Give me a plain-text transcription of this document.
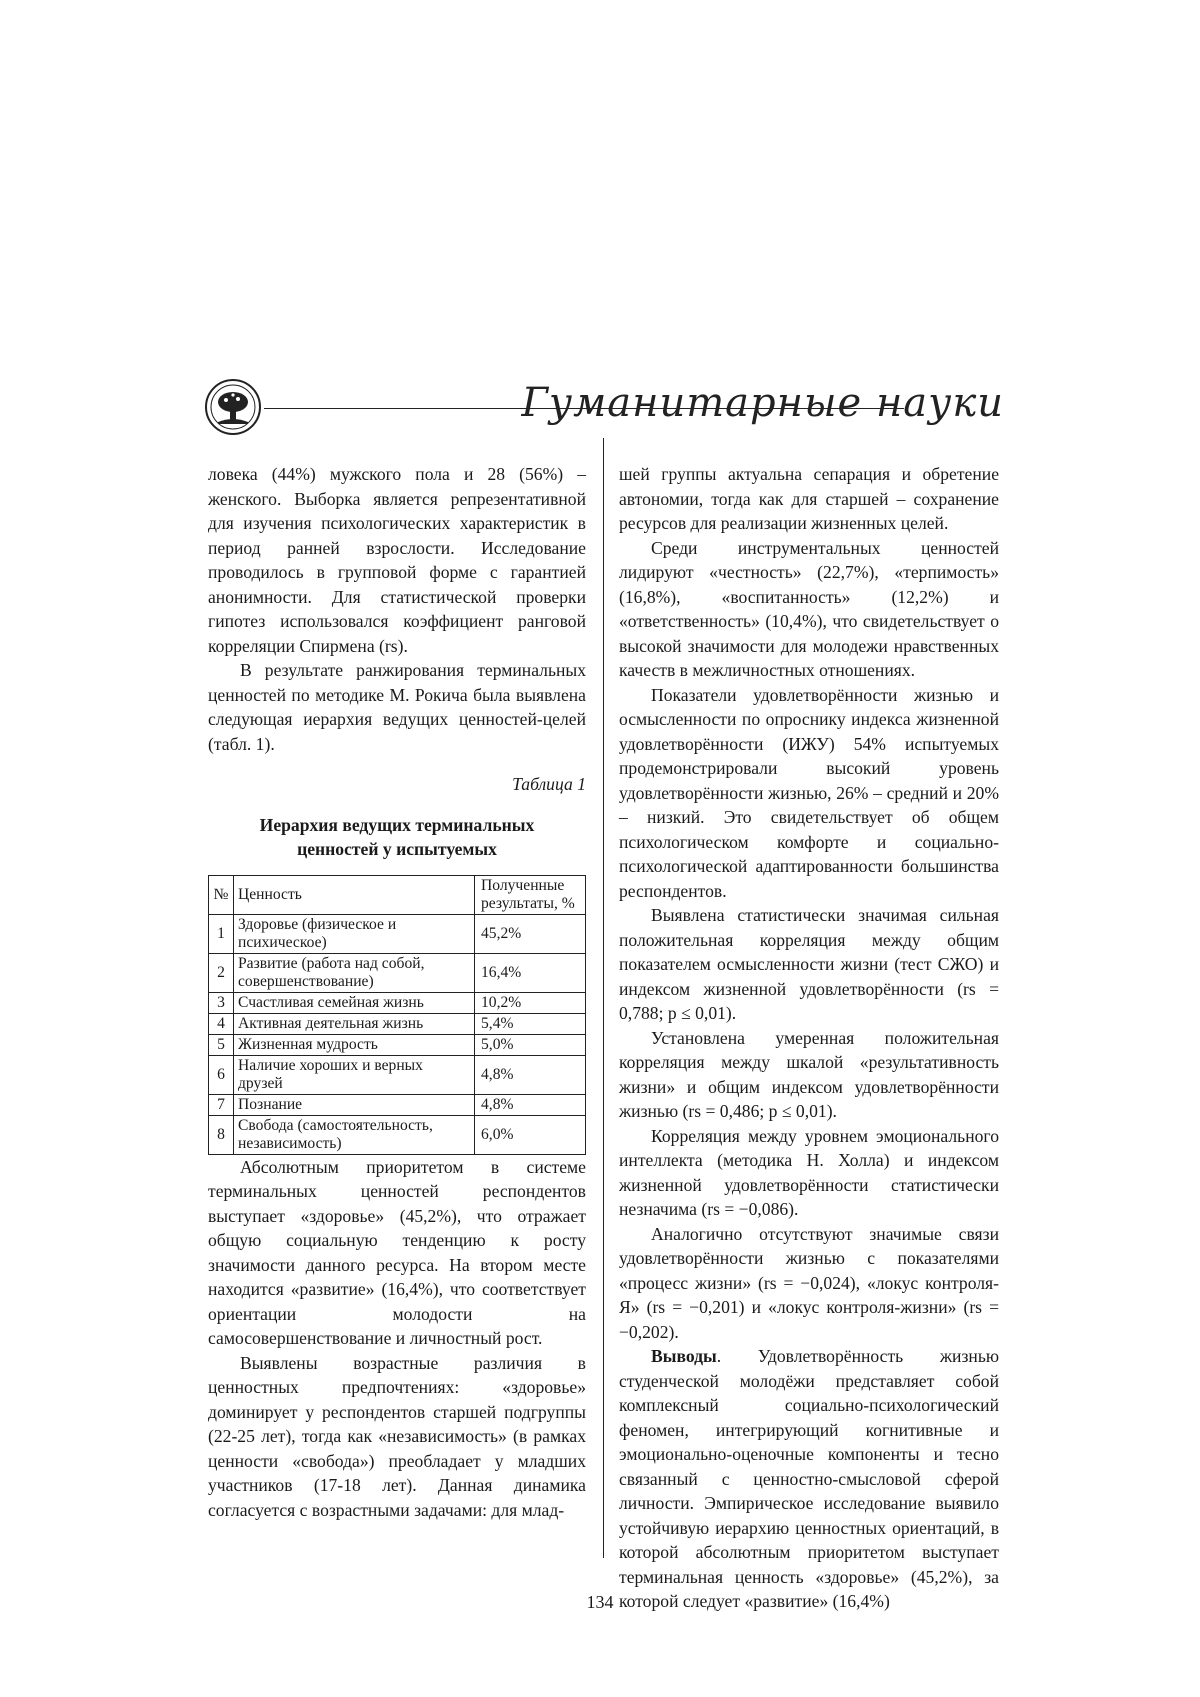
Гуманитарные науки

ловека (44%) мужского пола и 28 (56%) – женского. Выборка является репрезентативной для изучения психологических характеристик в период ранней взрослости. Исследование проводилось в групповой форме с гарантией анонимности. Для статистической проверки гипотез использовался коэффициент ранговой корреляции Спирмена (rs).

В результате ранжирования терминальных ценностей по методике М. Рокича была выявлена следующая иерархия ведущих ценностей-целей (табл. 1).

Таблица 1
Иерархия ведущих терминальных
ценностей у испытуемых
№	Ценность	Полученные результаты, %
1	Здоровье (физическое и психическое)	45,2%
2	Развитие (работа над собой, совершенствование)	16,4%
3	Счастливая семейная жизнь	10,2%
4	Активная деятельная жизнь	5,4%
5	Жизненная мудрость	5,0%
6	Наличие хороших и верных друзей	4,8%
7	Познание	4,8%
8	Свобода (самостоятельность, независимость)	6,0%

Абсолютным приоритетом в системе терминальных ценностей респондентов выступает «здоровье» (45,2%), что отражает общую социальную тенденцию к росту значимости данного ресурса. На втором месте находится «развитие» (16,4%), что соответствует ориентации молодости на самосовершенствование и личностный рост.

Выявлены возрастные различия в ценностных предпочтениях: «здоровье» доминирует у респондентов старшей подгруппы (22-25 лет), тогда как «независимость» (в рамках ценности «свобода») преобладает у младших участников (17-18 лет). Данная динамика согласуется с возрастными задачами: для млад-

шей группы актуальна сепарация и обретение автономии, тогда как для старшей – сохранение ресурсов для реализации жизненных целей.

Среди инструментальных ценностей лидируют «честность» (22,7%), «терпимость» (16,8%), «воспитанность» (12,2%) и «ответственность» (10,4%), что свидетельствует о высокой значимости для молодежи нравственных качеств в межличностных отношениях.

Показатели удовлетворённости жизнью и осмысленности по опроснику индекса жизненной удовлетворённости (ИЖУ) 54% испытуемых продемонстрировали высокий уровень удовлетворённости жизнью, 26% – средний и 20% – низкий. Это свидетельствует об общем психологическом комфорте и социально-психологической адаптированности большинства респондентов.

Выявлена статистически значимая сильная положительная корреляция между общим показателем осмысленности жизни (тест СЖО) и индексом жизненной удовлетворённости (rs = 0,788; p ≤ 0,01).

Установлена умеренная положительная корреляция между шкалой «результативность жизни» и общим индексом удовлетворённости жизнью (rs = 0,486; p ≤ 0,01).

Корреляция между уровнем эмоционального интеллекта (методика Н. Холла) и индексом жизненной удовлетворённости статистически незначима (rs = −0,086).

Аналогично отсутствуют значимые связи удовлетворённости жизнью с показателями «процесс жизни» (rs = −0,024), «локус контроля-Я» (rs = −0,201) и «локус контроля-жизни» (rs = −0,202).

Выводы. Удовлетворённость жизнью студенческой молодёжи представляет собой комплексный социально-психологический феномен, интегрирующий когнитивные и эмоционально-оценочные компоненты и тесно связанный с ценностно-смысловой сферой личности. Эмпирическое исследование выявило устойчивую иерархию ценностных ориентаций, в которой абсолютным приоритетом выступает терминальная ценность «здоровье» (45,2%), за которой следует «развитие» (16,4%)

134
